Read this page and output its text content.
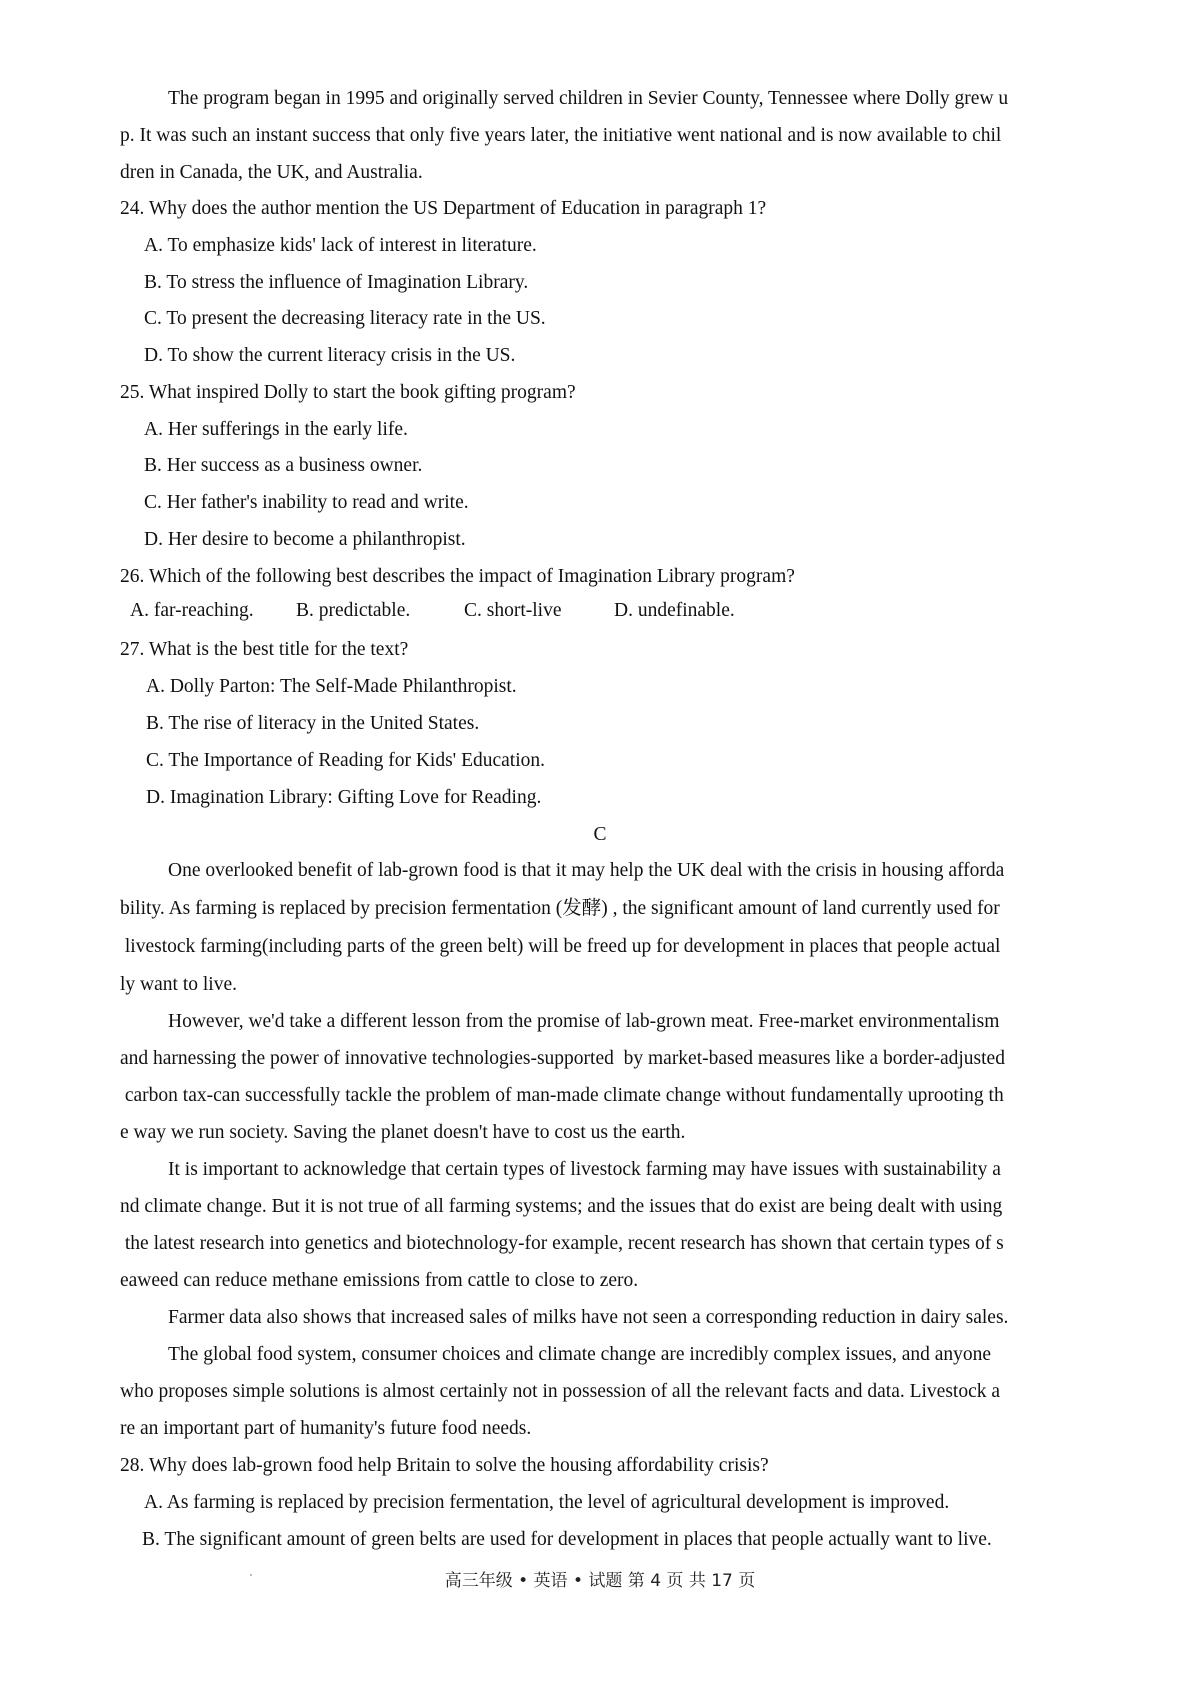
The program began in 1995 and originally served children in Sevier County, Tennessee where Dolly grew u
p. It was such an instant success that only five years later, the initiative went national and is now available to chil
dren in Canada, the UK, and Australia.
24. Why does the author mention the US Department of Education in paragraph 1?
A. To emphasize kids' lack of interest in literature.
B. To stress the influence of Imagination Library.
C. To present the decreasing literacy rate in the US.
D. To show the current literacy crisis in the US.
25. What inspired Dolly to start the book gifting program?
A. Her sufferings in the early life.
B. Her success as a business owner.
C. Her father's inability to read and write.
D. Her desire to become a philanthropist.
26. Which of the following best describes the impact of Imagination Library program?
A. far-reaching. B. predictable.	C. short-live	D. undefinable.
27. What is the best title for the text?
A. Dolly Parton: The Self-Made Philanthropist.
B. The rise of literacy in the United States.
C. The Importance of Reading for Kids' Education.
D. Imagination Library: Gifting Love for Reading.
C
One overlooked benefit of lab-grown food is that it may help the UK deal with the crisis in housing afforda
bility. As farming is replaced by precision fermentation (发酵) , the significant amount of land currently used for
livestock farming(including parts of the green belt) will be freed up for development in places that people actual
ly want to live.
However, we'd take a different lesson from the promise of lab-grown meat. Free-market environmentalism
and harnessing the power of innovative technologies-supported  by market-based measures like a border-adjusted
carbon tax-can successfully tackle the problem of man-made climate change without fundamentally uprooting th
e way we run society. Saving the planet doesn't have to cost us the earth.
It is important to acknowledge that certain types of livestock farming may have issues with sustainability a
nd climate change. But it is not true of all farming systems; and the issues that do exist are being dealt with using
the latest research into genetics and biotechnology-for example, recent research has shown that certain types of s
eaweed can reduce methane emissions from cattle to close to zero.
Farmer data also shows that increased sales of milks have not seen a corresponding reduction in dairy sales.
The global food system, consumer choices and climate change are incredibly complex issues, and anyone
who proposes simple solutions is almost certainly not in possession of all the relevant facts and data. Livestock a
re an important part of humanity's future food needs.
28. Why does lab-grown food help Britain to solve the housing affordability crisis?
A. As farming is replaced by precision fermentation, the level of agricultural development is improved.
B. The significant amount of green belts are used for development in places that people actually want to live.
高三年级 • 英语 • 试题 第 4 页 共 17 页
